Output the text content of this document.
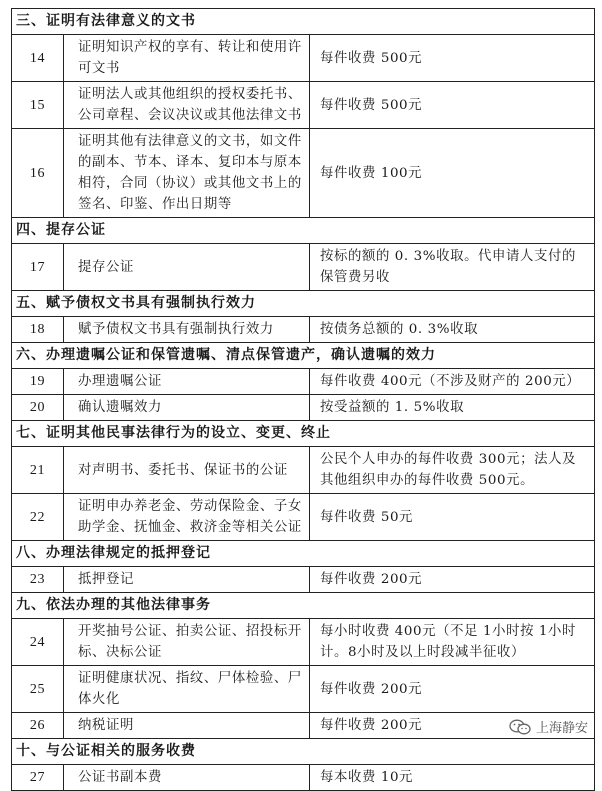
三、证明有法律意义的文书		
14	证明知识产权的享有、转让和使用许可文书	每件收费 500元
15	证明法人或其他组织的授权委托书、公司章程、会议决议或其他法律文书	每件收费 500元
16	证明其他有法律意义的文书，如文件的副本、节本、译本、复印本与原本相符，合同（协议）或其他文书上的签名、印鉴、作出日期等	每件收费 100元
四、提存公证		
17	提存公证	按标的额的 0. 3%收取。代申请人支付的保管费另收
五、赋予债权文书具有强制执行效力		
18	赋予债权文书具有强制执行效力	按债务总额的 0. 3%收取
六、办理遗嘱公证和保管遗嘱、清点保管遗产，确认遗嘱的效力		
19	办理遗嘱公证	每件收费 400元（不涉及财产的 200元）
20	确认遗嘱效力	按受益额的 1. 5%收取
七、证明其他民事法律行为的设立、变更、终止		
21	对声明书、委托书、保证书的公证	公民个人申办的每件收费 300元；法人及其他组织申办的每件收费 500元。
22	证明申办养老金、劳动保险金、子女助学金、抚恤金、救济金等相关公证	每件收费 50元
八、办理法律规定的抵押登记		
23	抵押登记	每件收费 200元
九、依法办理的其他法律事务		
24	开奖抽号公证、拍卖公证、招投标开标、决标公证	每小时收费 400元（不足 1小时按 1小时计。8小时及以上时段减半征收）
25	证明健康状况、指纹、尸体检验、尸体火化	每件收费 200元
26	纳税证明	每件收费 200元
十、与公证相关的服务收费		
27	公证书副本费	每本收费 10元
上海静安
